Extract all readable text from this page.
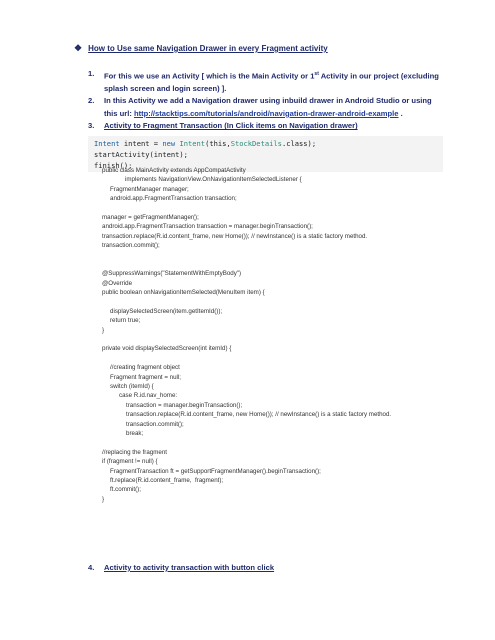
❖ How to Use same Navigation Drawer in every Fragment activity
1.	For this we use an Activity [ which is the Main Activity or 1st Activity in our project (excluding
splash screen and login screen) ].
2.	In this Activity we add a Navigation drawer using inbuild drawer in Android Studio or using
this url: http://stacktips.com/tutorials/android/navigation-drawer-android-example .
3.	Activity to Fragment Transaction (In Click items on Navigation drawer)
Intent intent = new Intent(this,StockDetails.class);
startActivity(intent);
finish();
public class MainActivity extends AppCompatActivity
implements NavigationView.OnNavigationItemSelectedListener {
FragmentManager manager;
android.app.FragmentTransaction transaction;
manager = getFragmentManager();
android.app.FragmentTransaction transaction = manager.beginTransaction();
transaction.replace(R.id.content_frame, new Home()); // newInstance() is a static factory method.
transaction.commit();
@SuppressWarnings("StatementWithEmptyBody")
@Override
public boolean onNavigationItemSelected(MenuItem item) {
displaySelectedScreen(item.getItemId());
return true;
}
private void displaySelectedScreen(int itemId) {
//creating fragment object
Fragment fragment = null;
switch (itemId) {
case R.id.nav_home:
transaction = manager.beginTransaction();
transaction.replace(R.id.content_frame, new Home()); // newInstance() is a static factory method.
transaction.commit();
break;
//replacing the fragment
if (fragment != null) {
FragmentTransaction ft = getSupportFragmentManager().beginTransaction();
ft.replace(R.id.content_frame,  fragment);
ft.commit();
}
4.	Activity to activity transaction with button click
